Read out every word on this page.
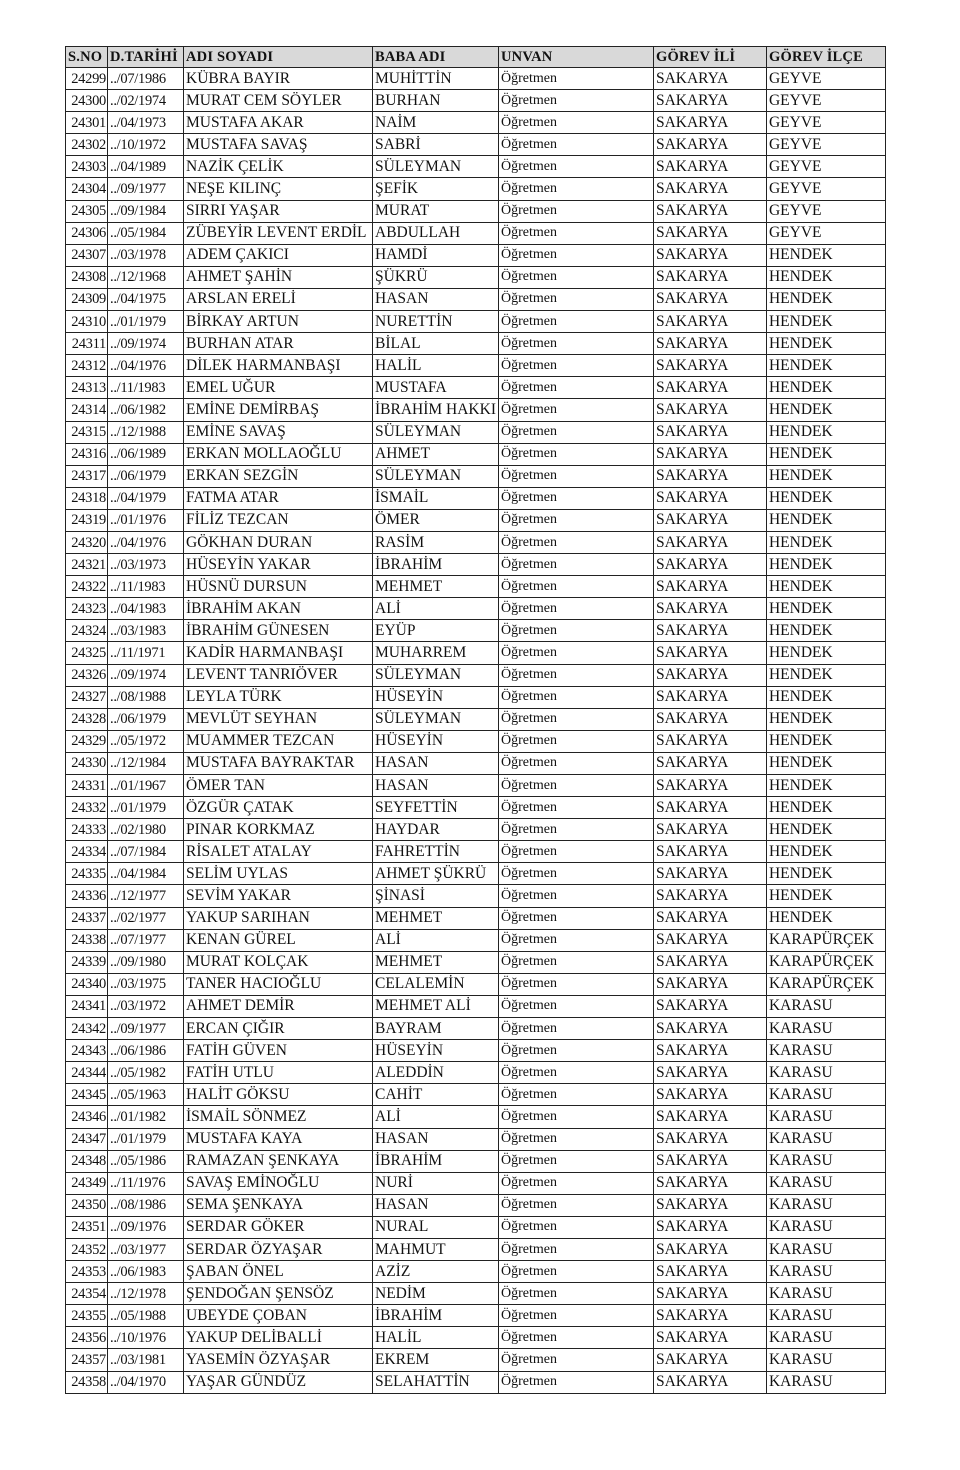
S.NO	D.TARİHİ	ADI SOYADI	BABA ADI	UNVAN	GÖREV İLİ	GÖREV İLÇE
24299	../07/1986	KÜBRA BAYIR	MUHİTTİN	Öğretmen	SAKARYA	GEYVE
24300	../02/1974	MURAT CEM SÖYLER	BURHAN	Öğretmen	SAKARYA	GEYVE
24301	../04/1973	MUSTAFA AKAR	NAİM	Öğretmen	SAKARYA	GEYVE
24302	../10/1972	MUSTAFA SAVAŞ	SABRİ	Öğretmen	SAKARYA	GEYVE
24303	../04/1989	NAZİK ÇELİK	SÜLEYMAN	Öğretmen	SAKARYA	GEYVE
24304	../09/1977	NEŞE KILINÇ	ŞEFİK	Öğretmen	SAKARYA	GEYVE
24305	../09/1984	SIRRI YAŞAR	MURAT	Öğretmen	SAKARYA	GEYVE
24306	../05/1984	ZÜBEYİR LEVENT ERDİL	ABDULLAH	Öğretmen	SAKARYA	GEYVE
24307	../03/1978	ADEM ÇAKICI	HAMDİ	Öğretmen	SAKARYA	HENDEK
24308	../12/1968	AHMET ŞAHİN	ŞÜKRÜ	Öğretmen	SAKARYA	HENDEK
24309	../04/1975	ARSLAN ERELİ	HASAN	Öğretmen	SAKARYA	HENDEK
24310	../01/1979	BİRKAY ARTUN	NURETTİN	Öğretmen	SAKARYA	HENDEK
24311	../09/1974	BURHAN ATAR	BİLAL	Öğretmen	SAKARYA	HENDEK
24312	../04/1976	DİLEK HARMANBAŞI	HALİL	Öğretmen	SAKARYA	HENDEK
24313	../11/1983	EMEL UĞUR	MUSTAFA	Öğretmen	SAKARYA	HENDEK
24314	../06/1982	EMİNE DEMİRBAŞ	İBRAHİM HAKKI	Öğretmen	SAKARYA	HENDEK
24315	../12/1988	EMİNE SAVAŞ	SÜLEYMAN	Öğretmen	SAKARYA	HENDEK
24316	../06/1989	ERKAN MOLLAOĞLU	AHMET	Öğretmen	SAKARYA	HENDEK
24317	../06/1979	ERKAN SEZGİN	SÜLEYMAN	Öğretmen	SAKARYA	HENDEK
24318	../04/1979	FATMA ATAR	İSMAİL	Öğretmen	SAKARYA	HENDEK
24319	../01/1976	FİLİZ TEZCAN	ÖMER	Öğretmen	SAKARYA	HENDEK
24320	../04/1976	GÖKHAN DURAN	RASİM	Öğretmen	SAKARYA	HENDEK
24321	../03/1973	HÜSEYİN YAKAR	İBRAHİM	Öğretmen	SAKARYA	HENDEK
24322	../11/1983	HÜSNÜ DURSUN	MEHMET	Öğretmen	SAKARYA	HENDEK
24323	../04/1983	İBRAHİM AKAN	ALİ	Öğretmen	SAKARYA	HENDEK
24324	../03/1983	İBRAHİM GÜNESEN	EYÜP	Öğretmen	SAKARYA	HENDEK
24325	../11/1971	KADİR HARMANBAŞI	MUHARREM	Öğretmen	SAKARYA	HENDEK
24326	../09/1974	LEVENT TANRIÖVER	SÜLEYMAN	Öğretmen	SAKARYA	HENDEK
24327	../08/1988	LEYLA TÜRK	HÜSEYİN	Öğretmen	SAKARYA	HENDEK
24328	../06/1979	MEVLÜT SEYHAN	SÜLEYMAN	Öğretmen	SAKARYA	HENDEK
24329	../05/1972	MUAMMER TEZCAN	HÜSEYİN	Öğretmen	SAKARYA	HENDEK
24330	../12/1984	MUSTAFA BAYRAKTAR	HASAN	Öğretmen	SAKARYA	HENDEK
24331	../01/1967	ÖMER TAN	HASAN	Öğretmen	SAKARYA	HENDEK
24332	../01/1979	ÖZGÜR ÇATAK	SEYFETTİN	Öğretmen	SAKARYA	HENDEK
24333	../02/1980	PINAR KORKMAZ	HAYDAR	Öğretmen	SAKARYA	HENDEK
24334	../07/1984	RİSALET ATALAY	FAHRETTİN	Öğretmen	SAKARYA	HENDEK
24335	../04/1984	SELİM UYLAS	AHMET ŞÜKRÜ	Öğretmen	SAKARYA	HENDEK
24336	../12/1977	SEVİM YAKAR	ŞİNASİ	Öğretmen	SAKARYA	HENDEK
24337	../02/1977	YAKUP SARIHAN	MEHMET	Öğretmen	SAKARYA	HENDEK
24338	../07/1977	KENAN GÜREL	ALİ	Öğretmen	SAKARYA	KARAPÜRÇEK
24339	../09/1980	MURAT KOLÇAK	MEHMET	Öğretmen	SAKARYA	KARAPÜRÇEK
24340	../03/1975	TANER HACIOĞLU	CELALEMİN	Öğretmen	SAKARYA	KARAPÜRÇEK
24341	../03/1972	AHMET DEMİR	MEHMET ALİ	Öğretmen	SAKARYA	KARASU
24342	../09/1977	ERCAN ÇIĞIR	BAYRAM	Öğretmen	SAKARYA	KARASU
24343	../06/1986	FATİH GÜVEN	HÜSEYİN	Öğretmen	SAKARYA	KARASU
24344	../05/1982	FATİH UTLU	ALEDDİN	Öğretmen	SAKARYA	KARASU
24345	../05/1963	HALİT GÖKSU	CAHİT	Öğretmen	SAKARYA	KARASU
24346	../01/1982	İSMAİL SÖNMEZ	ALİ	Öğretmen	SAKARYA	KARASU
24347	../01/1979	MUSTAFA KAYA	HASAN	Öğretmen	SAKARYA	KARASU
24348	../05/1986	RAMAZAN ŞENKAYA	İBRAHİM	Öğretmen	SAKARYA	KARASU
24349	../11/1976	SAVAŞ EMİNOĞLU	NURİ	Öğretmen	SAKARYA	KARASU
24350	../08/1986	SEMA ŞENKAYA	HASAN	Öğretmen	SAKARYA	KARASU
24351	../09/1976	SERDAR GÖKER	NURAL	Öğretmen	SAKARYA	KARASU
24352	../03/1977	SERDAR ÖZYAŞAR	MAHMUT	Öğretmen	SAKARYA	KARASU
24353	../06/1983	ŞABAN ÖNEL	AZİZ	Öğretmen	SAKARYA	KARASU
24354	../12/1978	ŞENDOĞAN ŞENSÖZ	NEDİM	Öğretmen	SAKARYA	KARASU
24355	../05/1988	UBEYDE ÇOBAN	İBRAHİM	Öğretmen	SAKARYA	KARASU
24356	../10/1976	YAKUP DELİBALLİ	HALİL	Öğretmen	SAKARYA	KARASU
24357	../03/1981	YASEMİN ÖZYAŞAR	EKREM	Öğretmen	SAKARYA	KARASU
24358	../04/1970	YAŞAR GÜNDÜZ	SELAHATTİN	Öğretmen	SAKARYA	KARASU
